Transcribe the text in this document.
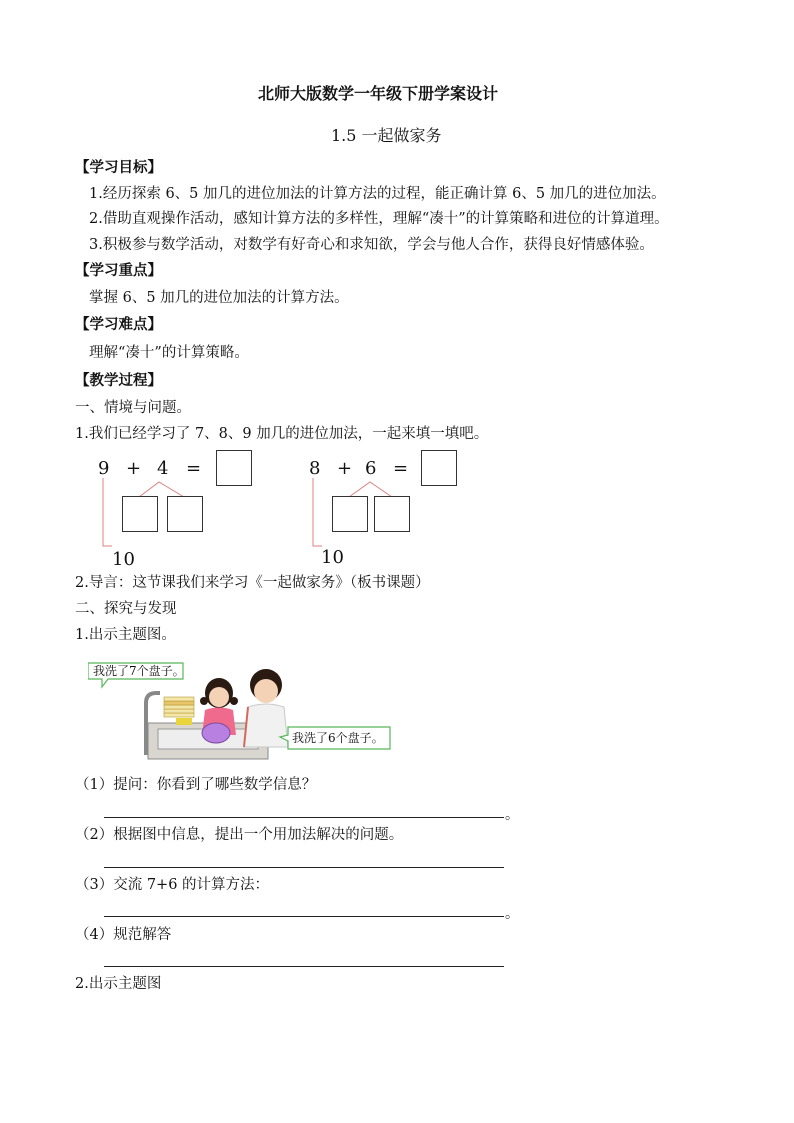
北师大版数学一年级下册学案设计
1.5 一起做家务
【学习目标】
1.经历探索 6、5 加几的进位加法的计算方法的过程，能正确计算 6、5 加几的进位加法。
2.借助直观操作活动，感知计算方法的多样性，理解“凑十”的计算策略和进位的计算道理。
3.积极参与数学活动，对数学有好奇心和求知欲，学会与他人合作，获得良好情感体验。
【学习重点】
掌握 6、5 加几的进位加法的计算方法。
【学习难点】
理解“凑十”的计算策略。
【教学过程】
一、情境与问题。
1.我们已经学习了 7、8、9 加几的进位加法，一起来填一填吧。
9 + 4 =
10
8 + 6 =
10
2.导言：这节课我们来学习《一起做家务》（板书课题）
二、探究与发现
1.出示主题图。
我洗了7个盘子。
我洗了6个盘子。
（1）提问：你看到了哪些数学信息？
。
（2）根据图中信息，提出一个用加法解决的问题。
（3）交流 7+6 的计算方法：
。
（4）规范解答
2.出示主题图
